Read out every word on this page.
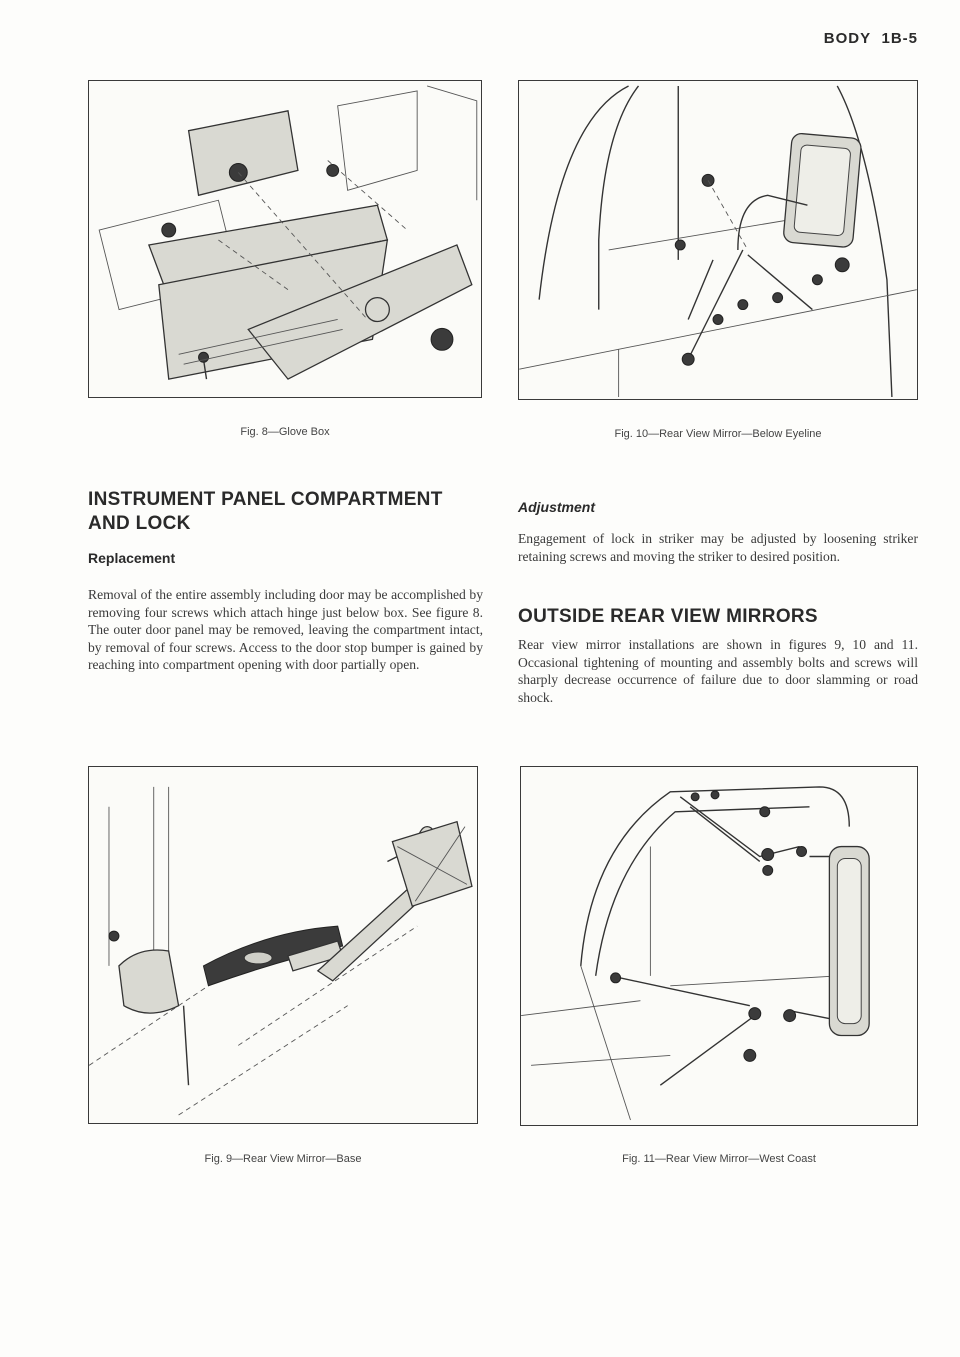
BODY 1B-5
Fig. 8—Glove Box	Fig. 10—Rear View Mirror—Below Eyeline
INSTRUMENT PANEL COMPARTMENT AND LOCK
Replacement

Removal of the entire assembly including door may be accomplished by removing four screws which attach hinge just below box. See figure 8. The outer door panel may be removed, leaving the compartment intact, by removal of four screws. Access to the door stop bumper is gained by reaching into compartment opening with door partially open.

Adjustment

Engagement of lock in striker may be adjusted by loosening striker retaining screws and moving the striker to desired position.

OUTSIDE REAR VIEW MIRRORS

Rear view mirror installations are shown in figures 9, 10 and 11. Occasional tightening of mounting and assembly bolts and screws will sharply decrease occurrence of failure due to door slamming or road shock.

Fig. 9—Rear View Mirror—Base	Fig. 11—Rear View Mirror—West Coast
